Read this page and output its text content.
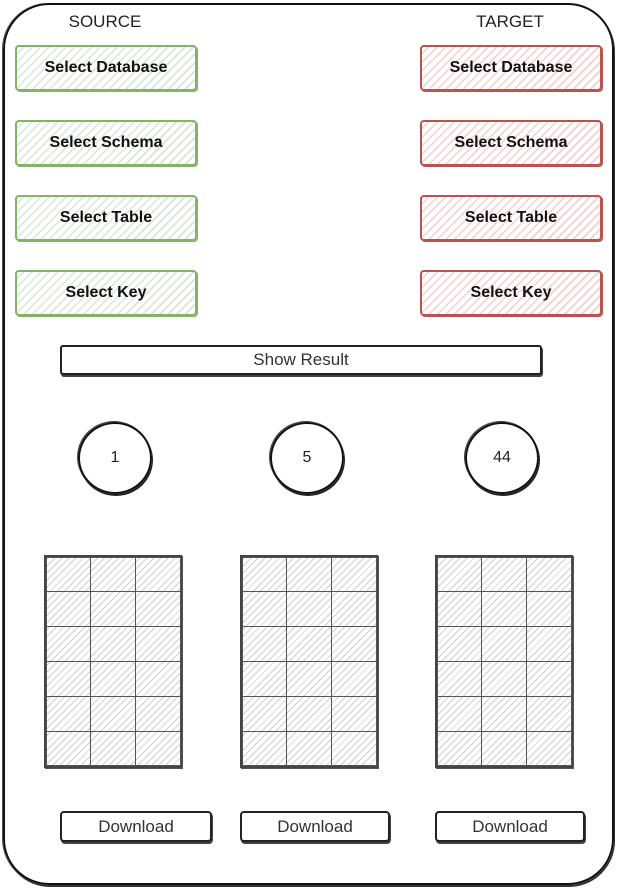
SOURCE	TARGET
Select Database
Select Schema
Select Table
Select Key
Select Database
Select Schema
Select Table
Select Key
Show Result
1	5	44
Download	Download	Download
